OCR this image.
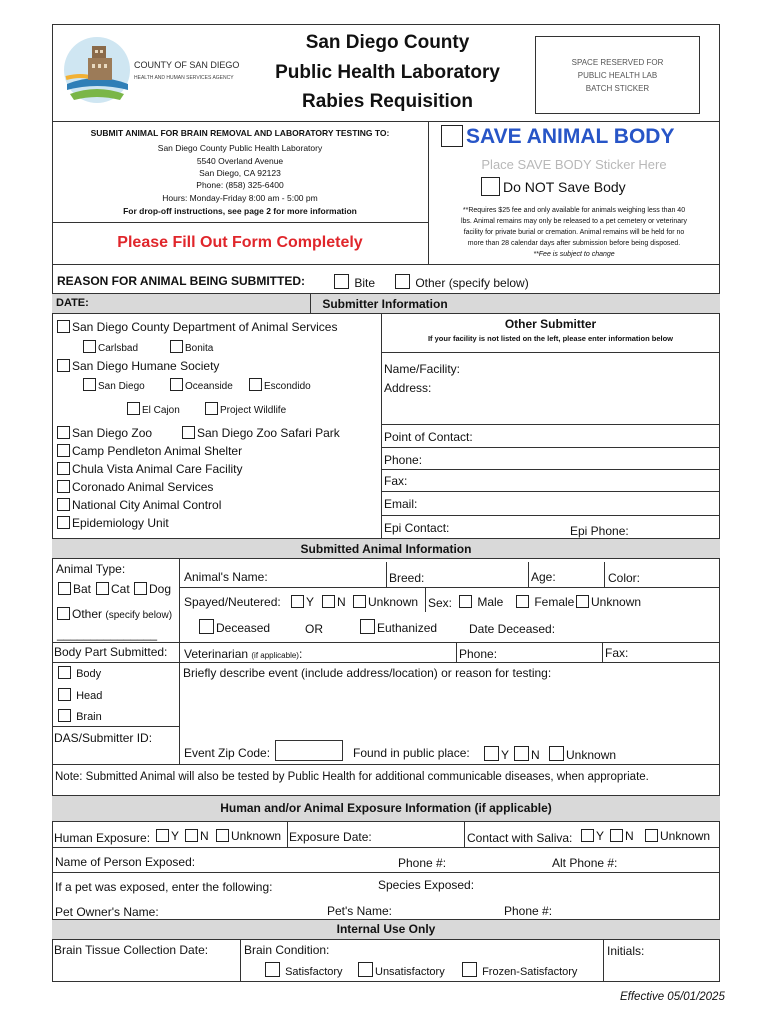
COUNTY OF SAN DIEGO
HEALTH AND HUMAN SERVICES AGENCY
San Diego County
Public Health Laboratory
Rabies Requisition
SPACE RESERVED FOR
PUBLIC HEALTH LAB
BATCH STICKER
SUBMIT ANIMAL FOR BRAIN REMOVAL AND LABORATORY TESTING TO:
San Diego County Public Health Laboratory
5540 Overland Avenue
San Diego, CA 92123
Phone: (858) 325-6400
Hours: Monday-Friday 8:00 am - 5:00 pm
For drop-off instructions, see page 2 for more information
Please Fill Out Form Completely
SAVE ANIMAL BODY
Place SAVE BODY Sticker Here
Do NOT Save Body
**Requires $25 fee and only available for animals weighing less than 40
lbs. Animal remains may only be released to a pet cemetery or veterinary
facility for private burial or cremation. Animal remains will be held for no
more than 28 calendar days after submission before being disposed.
**Fee is subject to change
REASON FOR ANIMAL BEING SUBMITTED:	Bite	Other (specify below)
DATE:	Submitter Information
San Diego County Department of Animal Services
Carlsbad	Bonita
San Diego Humane Society
San Diego	Oceanside	Escondido
El Cajon	Project Wildlife
San Diego Zoo	San Diego Zoo Safari Park
Camp Pendleton Animal Shelter
Chula Vista Animal Care Facility
Coronado Animal Services
National City Animal Control
Epidemiology Unit
Other Submitter
If your facility is not listed on the left, please enter information below
Name/Facility:
Address:
Point of Contact:
Phone:
Fax:
Email:
Epi Contact:	Epi Phone:
Submitted Animal Information
Animal Type:
Bat	Cat	Dog
Other (specify below)
_______________
Body Part Submitted:
Body
Head
Brain
DAS/Submitter ID:
Animal's Name:	Breed:	Age:	Color:
Spayed/Neutered:	Y	N	Unknown Sex:	Male	Female	Unknown
Deceased	OR	Euthanized	Date Deceased:
Veterinarian (if applicable):	Phone:	Fax:
Briefly describe event (include address/location) or reason for testing:
Event Zip Code:	Found in public place:	Y	N	Unknown
Note: Submitted Animal will also be tested by Public Health for additional communicable diseases, when appropriate.
Human and/or Animal Exposure Information (if applicable)
Human Exposure:	Y	N	Unknown Exposure Date:	Contact with Saliva:	Y	N	Unknown
Name of Person Exposed:	Phone #:	Alt Phone #:
If a pet was exposed, enter the following:	Species Exposed:
Pet Owner's Name:	Pet's Name:	Phone #:
Internal Use Only
Brain Tissue Collection Date:	Brain Condition:
Satisfactory	Unsatisfactory	Frozen-Satisfactory
Initials:
Effective 05/01/2025
